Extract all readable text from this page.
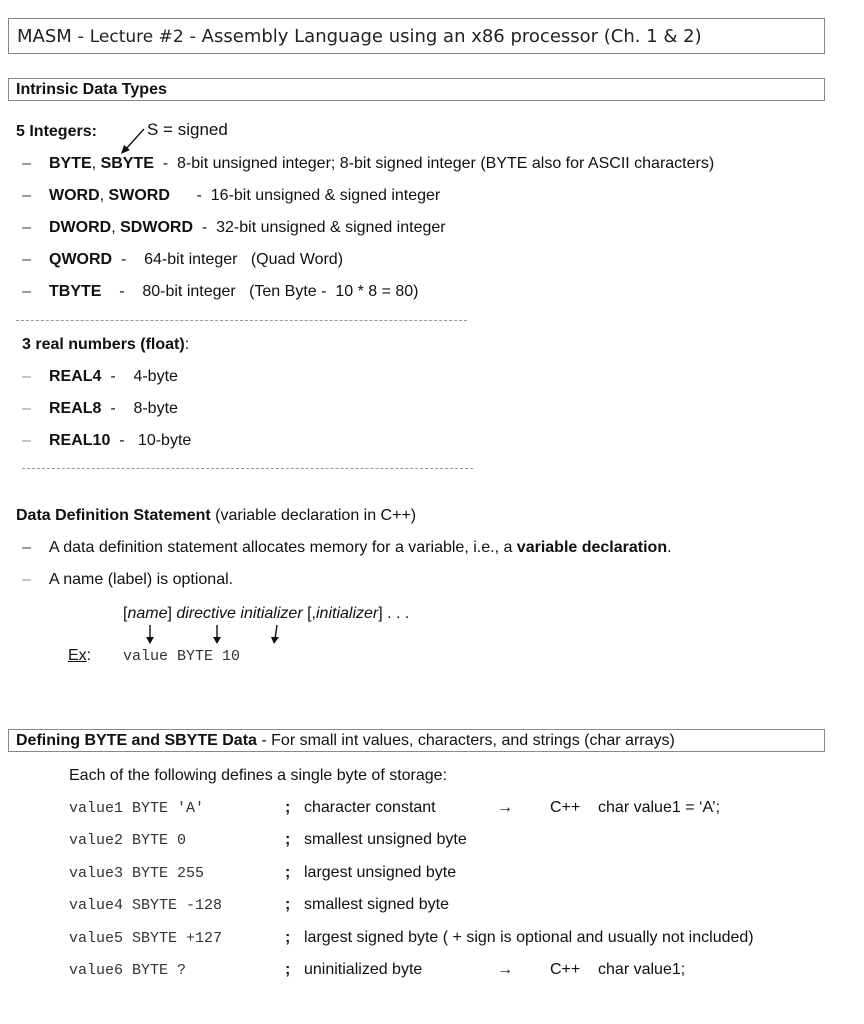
MASM - Lecture #2 - Assembly Language using an x86 processor (Ch. 1 & 2)
Intrinsic Data Types
5 Integers:	S = signed
– BYTE, SBYTE  -  8-bit unsigned integer; 8-bit signed integer (BYTE also for ASCII characters)
– WORD, SWORD      -  16-bit unsigned & signed integer
– DWORD, SDWORD  -  32-bit unsigned & signed integer
– QWORD  -    64-bit integer   (Quad Word)
– TBYTE    -    80-bit integer   (Ten Byte -  10 * 8 = 80)
3 real numbers (float):
– REAL4  -    4-byte
– REAL8  -    8-byte
– REAL10  -   10-byte
Data Definition Statement (variable declaration in C++)
– A data definition statement allocates memory for a variable, i.e., a variable declaration.
– A name (label) is optional.
[name] directive initializer [,initializer] . . .
Ex: value BYTE 10
Defining BYTE and SBYTE Data - For small int values, characters, and strings (char arrays)
Each of the following defines a single byte of storage:
value1 BYTE 'A'	; character constant	→ C++    char value1 = ‘A’;
value2 BYTE 0	; smallest unsigned byte
value3 BYTE 255	; largest unsigned byte
value4 SBYTE -128	; smallest signed byte
value5 SBYTE +127	; largest signed byte ( + sign is optional and usually not included)
value6 BYTE ?	; uninitialized byte	→ C++    char value1;
